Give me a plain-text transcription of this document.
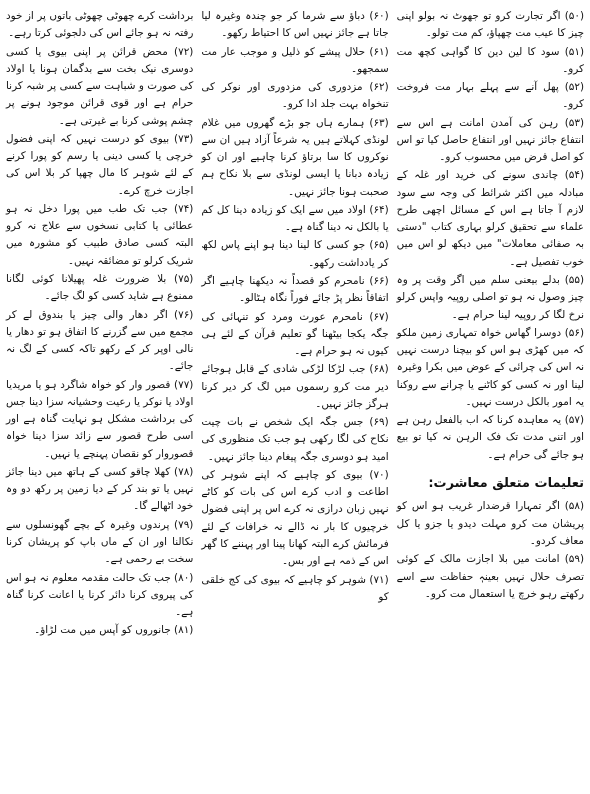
(۵۰) اگر تجارت کرو تو جھوٹ نہ بولو اپنی چیز کا عیب مت چھپاؤ، کم مت تولو۔

(۵۱) سود کا لین دین کا گواہی کچھ مت کرو۔

(۵۲) پھل آنے سے پہلے بہار مت فروخت کرو۔

(۵۳) رہن کی آمدن امانت ہے اس سے انتفاع جائز نہیں اور انتفاع حاصل کیا تو اس کو اصل قرض میں محسوب کرو۔

(۵۴) چاندی سونے کی خرید اور غلہ کے مبادلہ میں اکثر شرائط کی وجہ سے سود لازم آ جاتا ہے اس کے مسائل اچھی طرح علماء سے تحقیق کرلو بہاری کتاب "دستی بہ صفائی معاملات" میں دیکھ لو اس میں خوب تفصیل ہے۔

(۵۵) بدلے بیعنی سلم میں اگر وقت پر وہ چیز وصول نہ ہو تو اصلی روپیہ واپس کرلو نرخ لگا کر روپیہ لینا حرام ہے۔

(۵۶) دوسرا گھاس خواہ تمہاری زمین ملکو کہ میں کھڑی ہو اس کو بیچنا درست نہیں نہ اس کی چرائی کے عوض میں بکرا وغیرہ لینا اور نہ کسی کو کاٹنے یا چرانے سے روکنا یہ امور بالکل درست نہیں۔

(۵۷) یہ معاہدہ کرنا کہ اب بالفعل رہن ہے اور اتنی مدت تک فک الرہن نہ کیا تو بیع ہو جائے گی حرام ہے۔

تعلیمات متعلق معاشرت:

(۵۸) اگر تمہارا قرضدار غریب ہو اس کو پریشان مت کرو مہلت دیدو یا جزو یا کل معاف کردو۔

(۵۹) امانت میں بلا اجازت مالک کے کوئی تصرف حلال نہیں بعینہٖ حفاظت سے اسے رکھتے رہو خرچ یا استعمال مت کرو۔

(۶۰) دباؤ سے شرما کر جو چندہ وغیرہ لیا جاتا ہے جائز نہیں اس کا احتیاط رکھو۔

(۶۱) حلال پیشے کو ذلیل و موجب عار مت سمجھو۔

(۶۲) مزدوری کی مزدوری اور نوکر کی تنخواہ بہت جلد ادا کرو۔

(۶۳) ہمارے ہاں جو بڑے گھروں میں غلام لونڈی کہلاتے ہیں یہ شرعاً آزاد ہیں ان سے نوکروں کا سا برتاؤ کرنا چاہیے اور ان کو زیادہ دبانا یا ایسی لونڈی سے بلا نکاح ہم صحبت ہونا جائز نہیں۔

(۶۴) اولاد میں سے ایک کو زیادہ دینا کل کم یا بالکل نہ دینا گناہ ہے۔

(۶۵) جو کسی کا لینا دینا ہو اپنے پاس لکھ کر یادداشت رکھو۔

(۶۶) نامحرم کو قصداً نہ دیکھنا چاہیے اگر اتفاقاً نظر پڑ جائے فوراً نگاہ ہٹالو۔

(۶۷) نامحرم عورت ومرد کو تنہائی کی جگہ یکجا بیٹھنا گو تعلیم قرآن کے لئے ہی کیوں نہ ہو حرام ہے۔

(۶۸) جب لڑکا لڑکی شادی کے قابل ہوجائے دیر مت کرو رسموں میں لگ کر دیر کرنا ہرگز جائز نہیں۔

(۶۹) جس جگہ ایک شخص نے بات چیت نکاح کی لگا رکھی ہو جب تک منظوری کی امید ہو دوسری جگہ پیغام دینا جائز نہیں۔

(۷۰) بیوی کو چاہیے کہ اپنے شوہر کی اطاعت و ادب کرے اس کی بات کو کاٹے نہیں زبان درازی نہ کرے اس پر اپنی فضول خرچیوں کا بار نہ ڈالے نہ خرافات کے لئے فرمائش کرے البتہ کھانا پینا اور پہننے کا گھر اس کے ذمہ ہے اور بس۔

(۷۱) شوہر کو چاہیے کہ بیوی کی کج خلقی کو

برداشت کرے چھوٹی چھوٹی باتوں پر از خود رفتہ نہ ہو جائے اس کی دلجوئی کرتا رہے۔

(۷۲) محض قرائن پر اپنی بیوی یا کسی دوسری نیک بخت سے بدگمان ہونا یا اولاد کی صورت و شباہت سے کسی پر شبہ کرنا حرام ہے اور قوی قرائن موجود ہونے پر چشم پوشی کرنا بے غیرتی ہے۔

(۷۳) بیوی کو درست نہیں کہ اپنی فضول خرچی یا کسی دینی یا رسم کو پورا کرنے کے لئے شوہر کا مال چھپا کر بلا اس کی اجازت خرچ کرے۔

(۷۴) جب تک طب میں پورا دخل نہ ہو عطائی یا کتابی نسخوں سے علاج نہ کرو البتہ کسی صادق طبیب کو مشورہ میں شریک کرلو تو مضائقہ نہیں۔

(۷۵) بلا ضرورت غلہ پھیلانا کوئی لگانا ممنوع ہے شاید کسی کو لگ جائے۔

(۷۶) اگر دھار والی چیز یا بندوق لے کر مجمع میں سے گزرنے کا اتفاق ہو تو دھار یا نالی اوپر کر کے رکھو تاکہ کسی کے لگ نہ جائے۔

(۷۷) قصور وار کو خواہ شاگرد ہو یا مریدیا اولاد یا نوکر یا رعیت وحشیانہ سزا دینا جس کی برداشت مشکل ہو نہایت گناہ ہے اور اسی طرح قصور سے زائد سزا دینا خواہ قصوروار کو نقصان پہنچے یا نہیں۔

(۷۸) کھلا چاقو کسی کے ہاتھ میں دینا جائز نہیں یا تو بند کر کے دیا زمین پر رکھ دو وہ خود اٹھالے گا۔

(۷۹) پرندوں وغیرہ کے بچے گھونسلوں سے نکالنا اور ان کے ماں باپ کو پریشان کرنا سخت بے رحمی ہے۔

(۸۰) جب تک حالت مقدمہ معلوم نہ ہو اس کی پیروی کرنا دائر کرنا یا اعانت کرنا گناہ ہے۔

(۸۱) جانوروں کو آپس میں مت لڑاؤ۔
